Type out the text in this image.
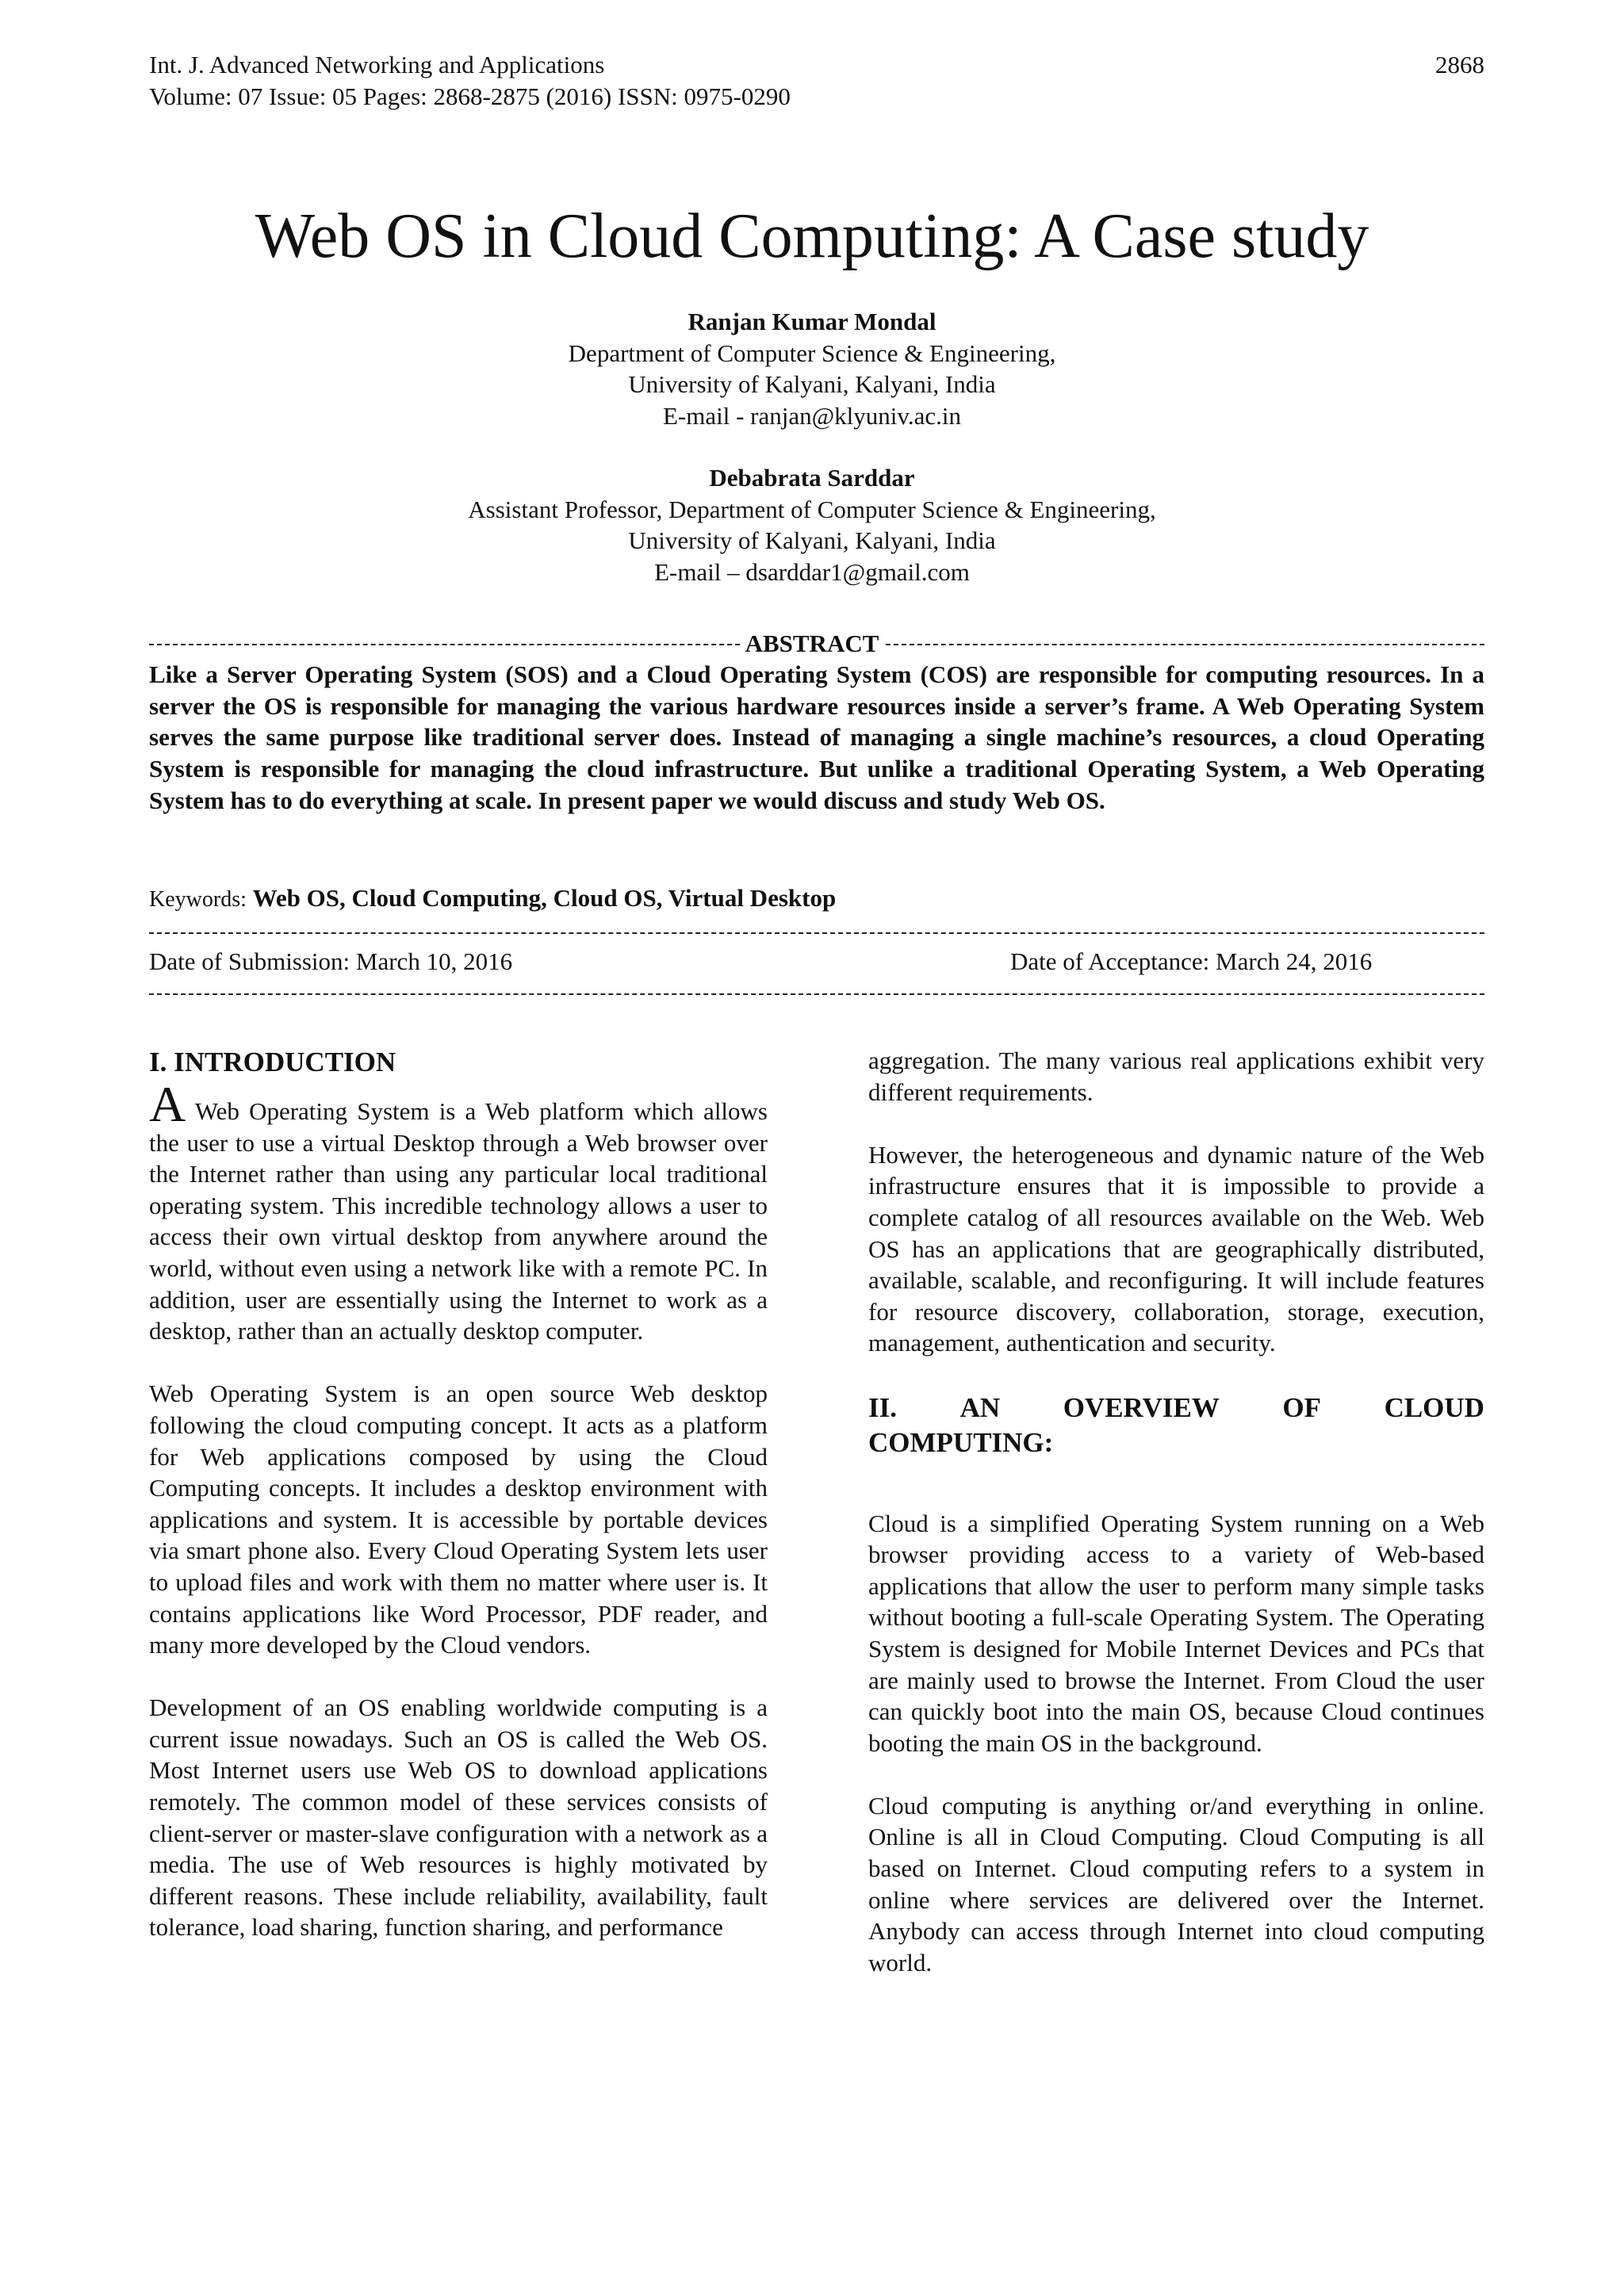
Int. J. Advanced Networking and Applications
Volume: 07 Issue: 05 Pages: 2868-2875 (2016) ISSN: 0975-0290
2868
Web OS in Cloud Computing: A Case study
Ranjan Kumar Mondal
Department of Computer Science & Engineering,
University of Kalyani, Kalyani, India
E-mail - ranjan@klyuniv.ac.in
Debabrata Sarddar
Assistant Professor, Department of Computer Science & Engineering,
University of Kalyani, Kalyani, India
E-mail – dsarddar1@gmail.com
ABSTRACT
Like a Server Operating System (SOS) and a Cloud Operating System (COS) are responsible for computing resources. In a server the OS is responsible for managing the various hardware resources inside a server’s frame. A Web Operating System serves the same purpose like traditional server does. Instead of managing a single machine’s resources, a cloud Operating System is responsible for managing the cloud infrastructure. But unlike a traditional Operating System, a Web Operating System has to do everything at scale. In present paper we would discuss and study Web OS.
Keywords: Web OS, Cloud Computing, Cloud OS, Virtual Desktop
Date of Submission: March 10, 2016	Date of Acceptance: March 24, 2016
I. INTRODUCTION

A Web Operating System is a Web platform which allows the user to use a virtual Desktop through a Web browser over the Internet rather than using any particular local traditional operating system. This incredible technology allows a user to access their own virtual desktop from anywhere around the world, without even using a network like with a remote PC. In addition, user are essentially using the Internet to work as a desktop, rather than an actually desktop computer.

Web Operating System is an open source Web desktop following the cloud computing concept. It acts as a platform for Web applications composed by using the Cloud Computing concepts. It includes a desktop environment with applications and system. It is accessible by portable devices via smart phone also. Every Cloud Operating System lets user to upload files and work with them no matter where user is. It contains applications like Word Processor, PDF reader, and many more developed by the Cloud vendors.

Development of an OS enabling worldwide computing is a current issue nowadays. Such an OS is called the Web OS. Most Internet users use Web OS to download applications remotely. The common model of these services consists of client-server or master-slave configuration with a network as a media. The use of Web resources is highly motivated by different reasons. These include reliability, availability, fault tolerance, load sharing, function sharing, and performance

aggregation. The many various real applications exhibit very different requirements.

However, the heterogeneous and dynamic nature of the Web infrastructure ensures that it is impossible to provide a complete catalog of all resources available on the Web. Web OS has an applications that are geographically distributed, available, scalable, and reconfiguring. It will include features for resource discovery, collaboration, storage, execution, management, authentication and security.

II. AN OVERVIEW OF CLOUD
COMPUTING:

Cloud is a simplified Operating System running on a Web browser providing access to a variety of Web-based applications that allow the user to perform many simple tasks without booting a full-scale Operating System. The Operating System is designed for Mobile Internet Devices and PCs that are mainly used to browse the Internet. From Cloud the user can quickly boot into the main OS, because Cloud continues booting the main OS in the background.

Cloud computing is anything or/and everything in online. Online is all in Cloud Computing. Cloud Computing is all based on Internet. Cloud computing refers to a system in online where services are delivered over the Internet. Anybody can access through Internet into cloud computing world.
